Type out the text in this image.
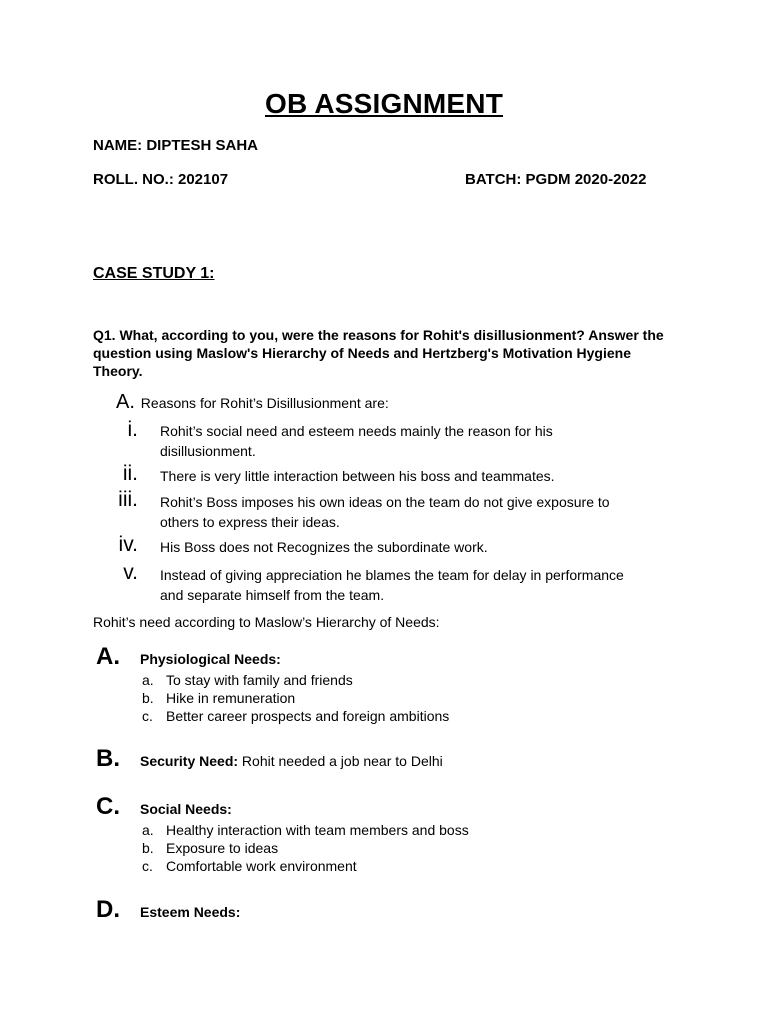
OB ASSIGNMENT
NAME: DIPTESH SAHA
ROLL. NO.: 202107	BATCH: PGDM 2020-2022
CASE STUDY 1:
Q1. What, according to you, were the reasons for Rohit's disillusionment? Answer the question using Maslow's Hierarchy of Needs and Hertzberg's Motivation Hygiene Theory.
A. Reasons for Rohit’s Disillusionment are:
i. Rohit’s social need and esteem needs mainly the reason for his
disillusionment.
ii. There is very little interaction between his boss and teammates.
iii. Rohit’s Boss imposes his own ideas on the team do not give exposure to
others to express their ideas.
iv. His Boss does not Recognizes the subordinate work.
v. Instead of giving appreciation he blames the team for delay in performance
and separate himself from the team.
Rohit’s need according to Maslow’s Hierarchy of Needs:
A. Physiological Needs:
a. To stay with family and friends
b. Hike in remuneration
c. Better career prospects and foreign ambitions
B. Security Need: Rohit needed a job near to Delhi
C. Social Needs:
a. Healthy interaction with team members and boss
b. Exposure to ideas
c. Comfortable work environment
D. Esteem Needs:
